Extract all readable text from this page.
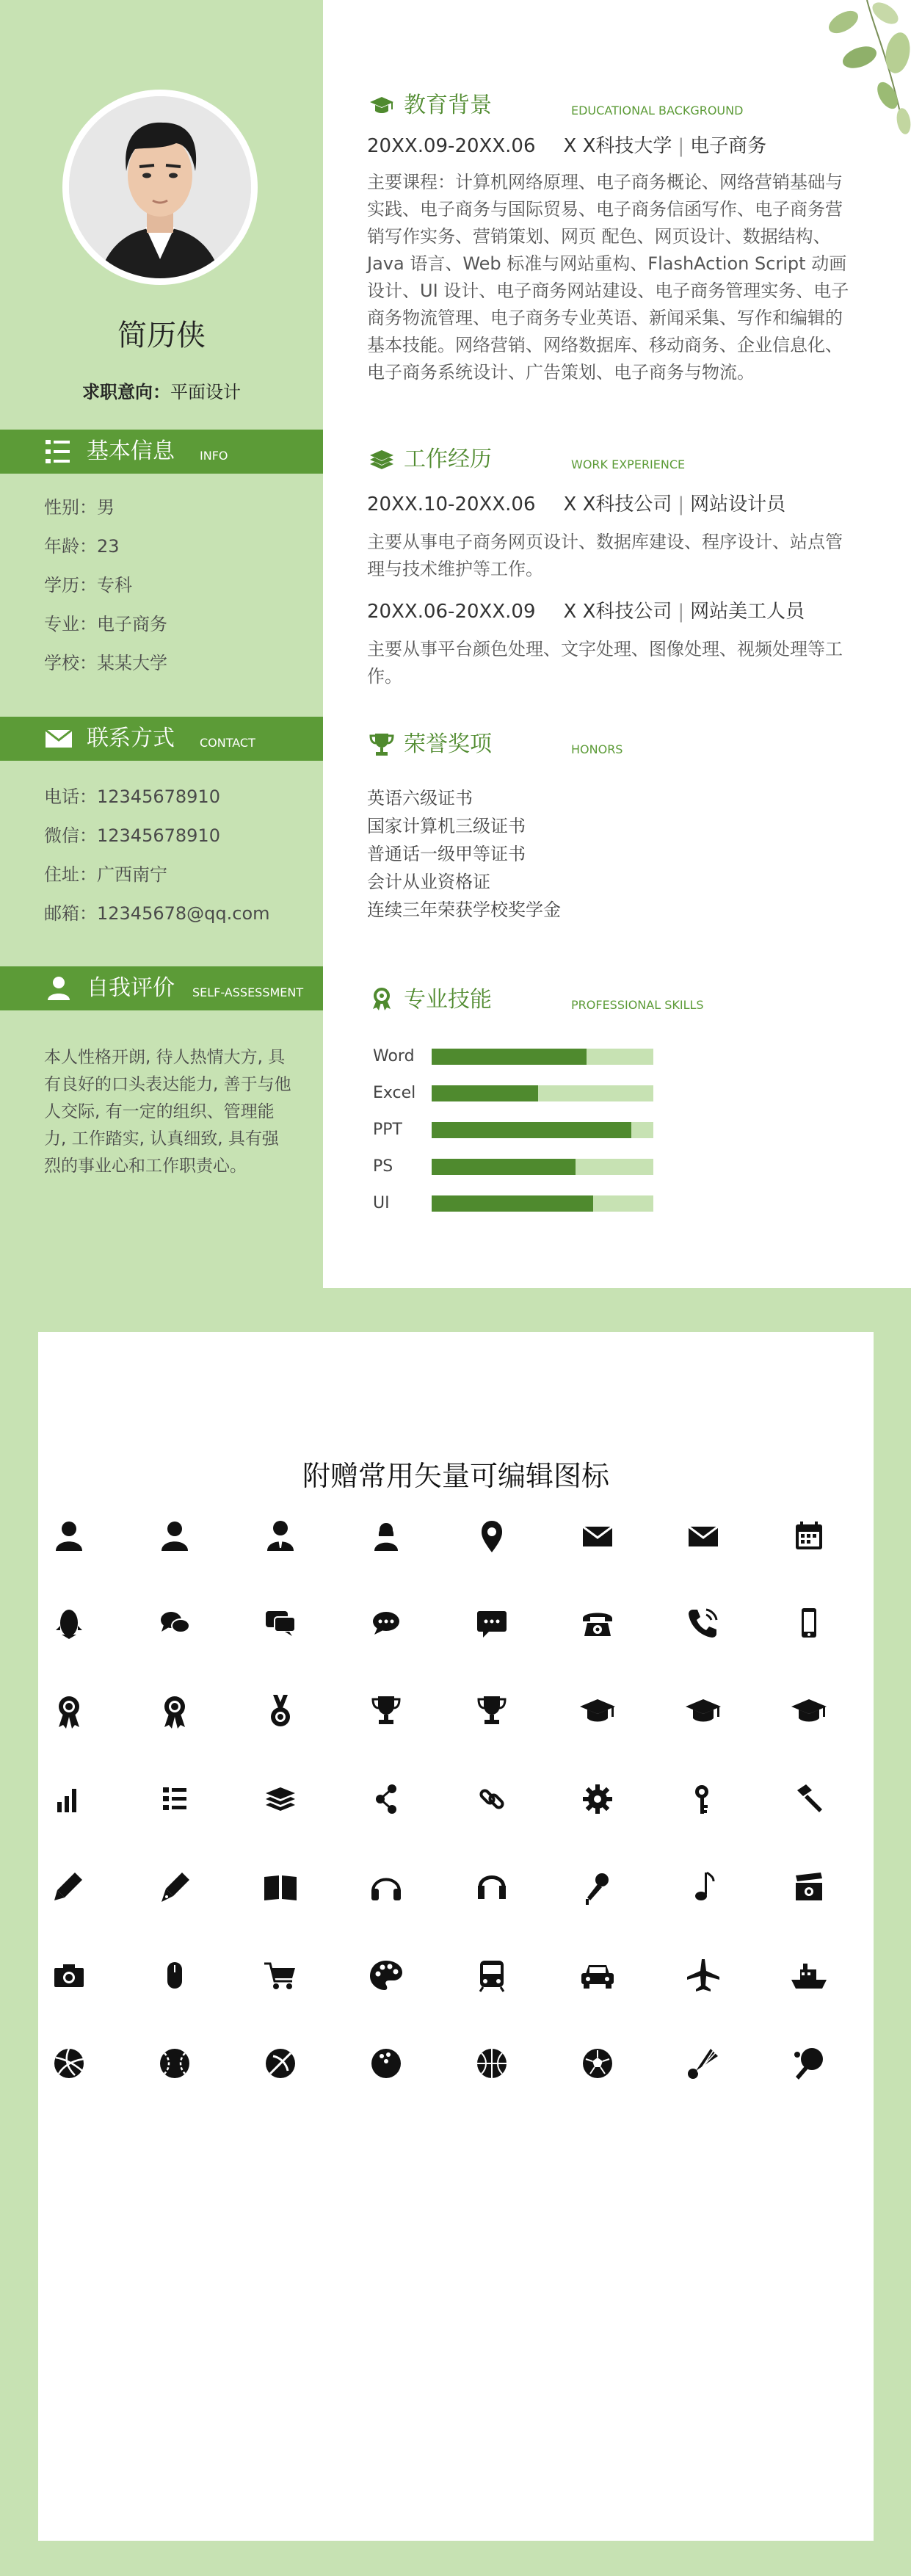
简历侠
求职意向：平面设计
基本信息 INFO
性别：男
年龄：23
学历：专科
专业：电子商务
学校：某某大学
联系方式 CONTACT
电话：12345678910
微信：12345678910
住址：广西南宁
邮箱：12345678@qq.com
自我评价 SELF-ASSESSMENT
本人性格开朗, 待人热情大方, 具有良好的口头表达能力, 善于与他人交际, 有一定的组织、管理能力, 工作踏实, 认真细致, 具有强烈的事业心和工作职责心。
教育背景	EDUCATIONAL BACKGROUND
20XX.09-20XX.06 X X科技大学 | 电子商务
主要课程：计算机网络原理、电子商务概论、网络营销基础与实践、电子商务与国际贸易、电子商务信函写作、电子商务营销写作实务、营销策划、网页 配色、网页设计、数据结构、Java 语言、Web 标准与网站重构、FlashAction Script 动画设计、UI 设计、电子商务网站建设、电子商务管理实务、电子商务物流管理、电子商务专业英语、新闻采集、写作和编辑的基本技能。网络营销、网络数据库、移动商务、企业信息化、电子商务系统设计、广告策划、电子商务与物流。
工作经历	WORK EXPERIENCE
20XX.10-20XX.06 X X科技公司 | 网站设计员
主要从事电子商务网页设计、数据库建设、程序设计、站点管理与技术维护等工作。
20XX.06-20XX.09 X X科技公司 | 网站美工人员
主要从事平台颜色处理、文字处理、图像处理、视频处理等工作。
荣誉奖项	HONORS
英语六级证书
国家计算机三级证书
普通话一级甲等证书
会计从业资格证
连续三年荣获学校奖学金
专业技能	PROFESSIONAL SKILLS
Word
Excel
PPT
PS
UI
附赠常用矢量可编辑图标
